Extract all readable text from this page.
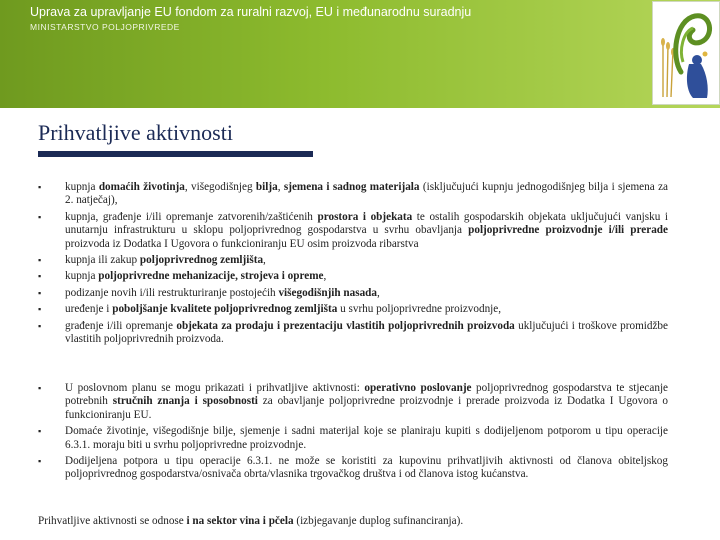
Uprava za upravljanje EU fondom za ruralni razvoj, EU i međunarodnu suradnju
MINISTARSTVO POLJOPRIVREDE
Prihvatljive aktivnosti
▪ kupnja domaćih životinja, višegodišnjeg bilja, sjemena i sadnog materijala (isključujući kupnju jednogodišnjeg bilja i sjemena za 2. natječaj),
▪ kupnja, građenje i/ili opremanje zatvorenih/zaštićenih prostora i objekata te ostalih gospodarskih objekata uključujući vanjsku i unutarnju infrastrukturu u sklopu poljoprivrednog gospodarstva u svrhu obavljanja poljoprivredne proizvodnje i/ili prerade proizvoda iz Dodatka I Ugovora o funkcioniranju EU osim proizvoda ribarstva
▪ kupnja ili zakup poljoprivrednog zemljišta,
▪ kupnja poljoprivredne mehanizacije, strojeva i opreme,
▪ podizanje novih i/ili restrukturiranje postojećih višegodišnjih nasada,
▪ uređenje i poboljšanje kvalitete poljoprivrednog zemljišta u svrhu poljoprivredne proizvodnje,
▪ građenje i/ili opremanje objekata za prodaju i prezentaciju vlastitih poljoprivrednih proizvoda uključujući i troškove promidžbe vlastitih poljoprivrednih proizvoda.
▪ U poslovnom planu se mogu prikazati i prihvatljive aktivnosti: operativno poslovanje poljoprivrednog gospodarstva te stjecanje potrebnih stručnih znanja i sposobnosti za obavljanje poljoprivredne proizvodnje i prerade proizvoda iz Dodatka I Ugovora o funkcioniranju EU.
▪ Domaće životinje, višegodišnje bilje, sjemenje i sadni materijal koje se planiraju kupiti s dodijeljenom potporom u tipu operacije 6.3.1. moraju biti u svrhu poljoprivredne proizvodnje.
▪ Dodijeljena potpora u tipu operacije 6.3.1. ne može se koristiti za kupovinu prihvatljivih aktivnosti od članova obiteljskog poljoprivrednog gospodarstva/osnivača obrta/vlasnika trgovačkog društva i od članova istog kućanstva.
Prihvatljive aktivnosti se odnose i na sektor vina i pčela (izbjegavanje duplog sufinanciranja).
